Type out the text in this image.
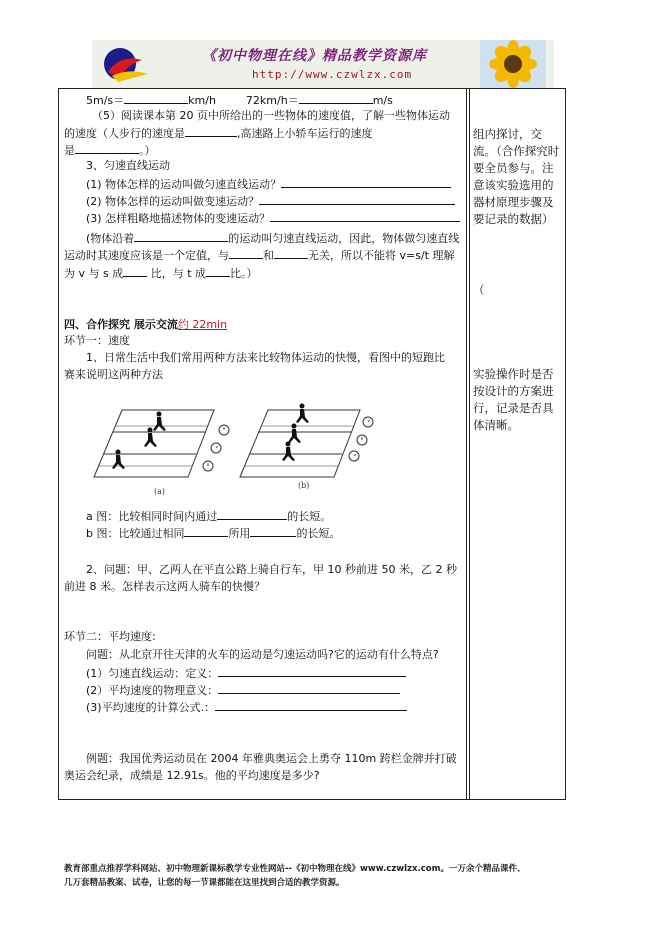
《初中物理在线》精品教学资源库
http://www.czwlzx.com
5m/s＝	km/h	72km/h＝	m/s
（5）阅读课本第 20 页中所给出的一些物体的速度值，了解一些物体运动
的速度（人步行的速度是	,高速路上小轿车运行的速度
是	。）
3、匀速直线运动
(1) 物体怎样的运动叫做匀速直线运动？
(2) 物体怎样的运动叫做变速运动？
(3) 怎样粗略地描述物体的变速运动？
(物体沿着	的运动叫匀速直线运动，因此，物体做匀速直线
运动时其速度应该是一个定值，与	和	无关，所以不能将 v=s/t 理解
为 v 与 s 成 比，与 t 成 比。）
四、合作探究 展示交流约 22min
环节一：速度
1、日常生活中我们常用两种方法来比较物体运动的快慢，看图中的短跑比
赛来说明这两种方法
(a)
(b)
a 图：比较相同时间内通过	的长短。
b 图：比较通过相同	所用	的长短。
2、问题：甲、乙两人在平直公路上骑自行车，甲 10 秒前进 50 米，乙 2 秒
前进 8 米。怎样表示这两人骑车的快慢？
环节二：平均速度:
问题：从北京开往天津的火车的运动是匀速运动吗?它的运动有什么特点?
(1）匀速直线运动：定义：
(2）平均速度的物理意义：
(3)平均速度的计算公式.：
例题：我国优秀运动员在 2004 年雅典奥运会上勇夺 110m 跨栏金牌并打破
奥运会纪录，成绩是 12.91s。他的平均速度是多少?
组内探讨，交流。（合作探究时要全员参与。注意该实验选用的器材原理步骤及要记录的数据）
（
实验操作时是否按设计的方案进行，记录是否具体清晰。
教育部重点推荐学科网站、初中物理新课标教学专业性网站--《初中物理在线》www.czwlzx.com。一万余个精品课件、
几万套精品教案、试卷，让您的每一节课都能在这里找到合适的教学资源。
